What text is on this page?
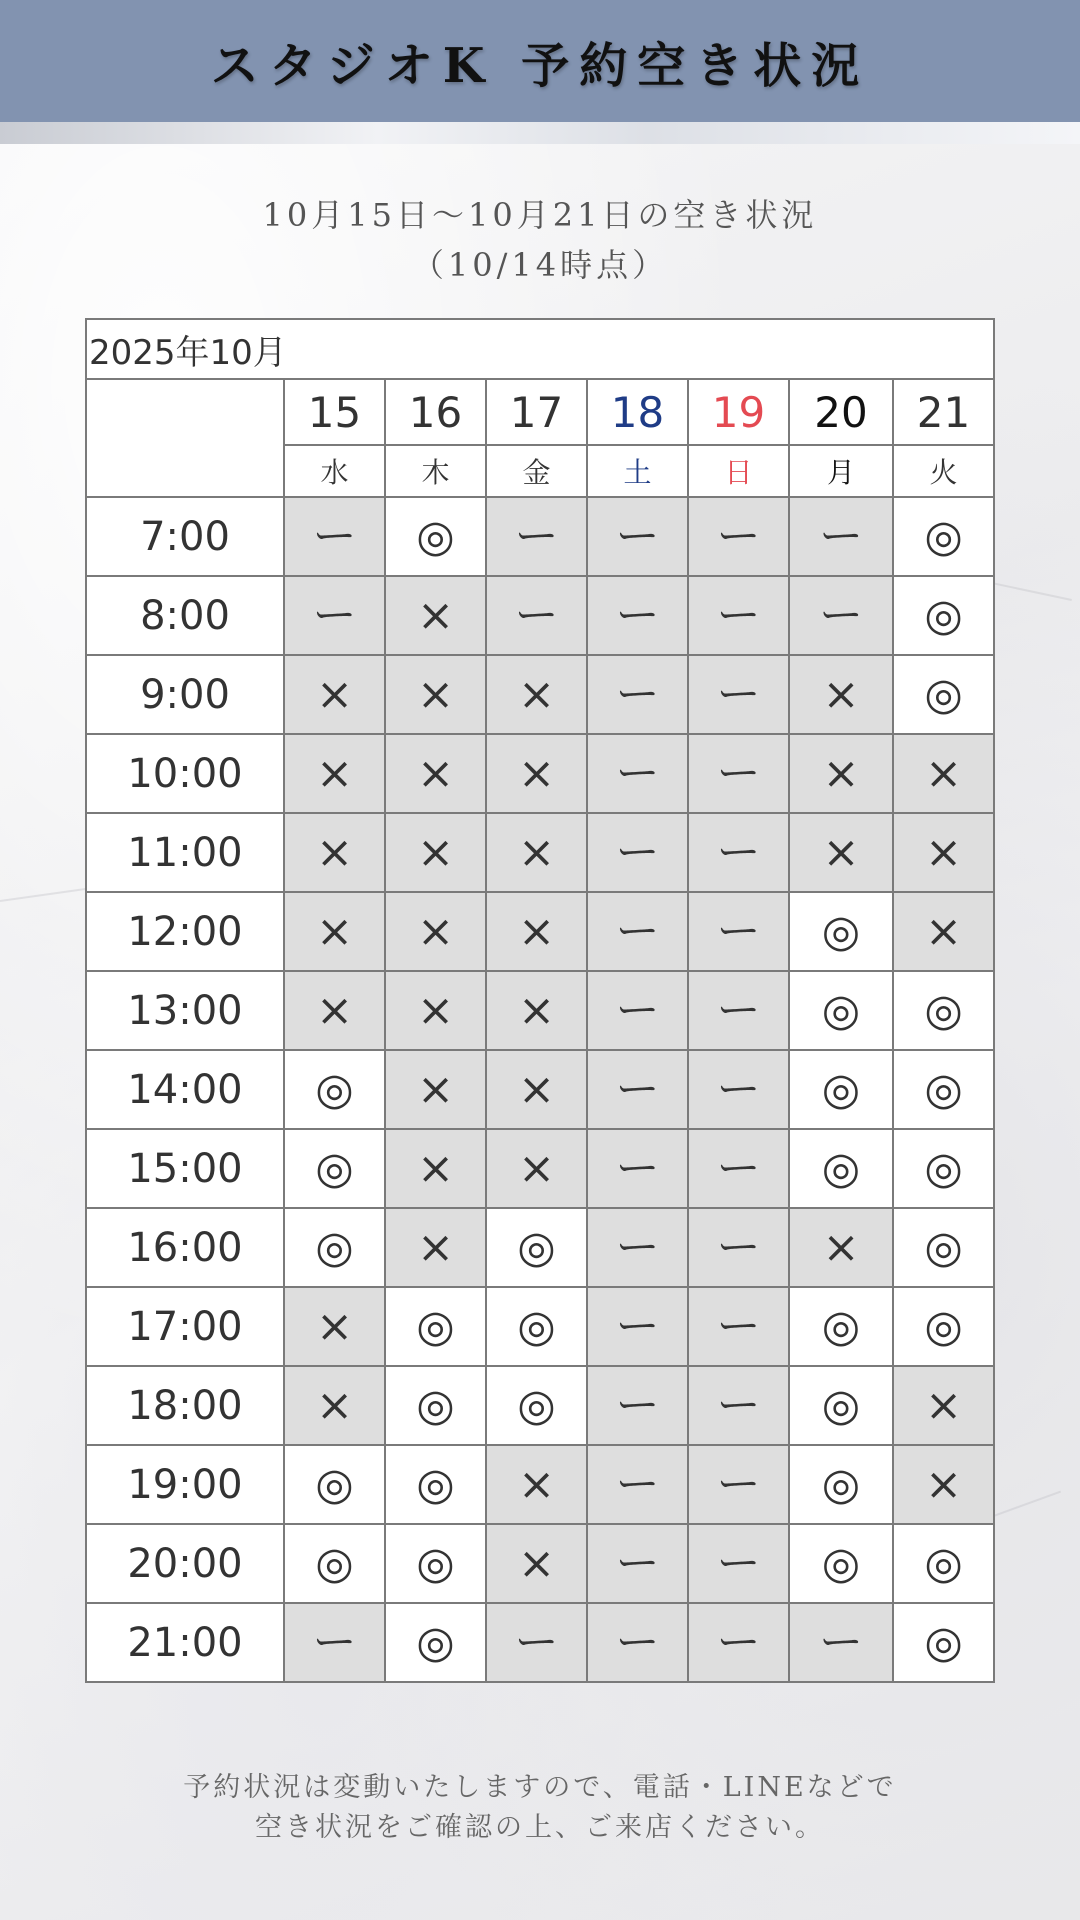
スタジオK 予約空き状況
10月15日～10月21日の空き状況
（10/14時点）
2025年10月							
	15	16	17	18	19	20	21
	水	木	金	土	日	月	火
7:00	ー	◎	ー	ー	ー	ー	◎
8:00	ー	×	ー	ー	ー	ー	◎
9:00	×	×	×	ー	ー	×	◎
10:00	×	×	×	ー	ー	×	×
11:00	×	×	×	ー	ー	×	×
12:00	×	×	×	ー	ー	◎	×
13:00	×	×	×	ー	ー	◎	◎
14:00	◎	×	×	ー	ー	◎	◎
15:00	◎	×	×	ー	ー	◎	◎
16:00	◎	×	◎	ー	ー	×	◎
17:00	×	◎	◎	ー	ー	◎	◎
18:00	×	◎	◎	ー	ー	◎	×
19:00	◎	◎	×	ー	ー	◎	×
20:00	◎	◎	×	ー	ー	◎	◎
21:00	ー	◎	ー	ー	ー	ー	◎
予約状況は変動いたしますので、電話・LINEなどで
空き状況をご確認の上、ご来店ください。
